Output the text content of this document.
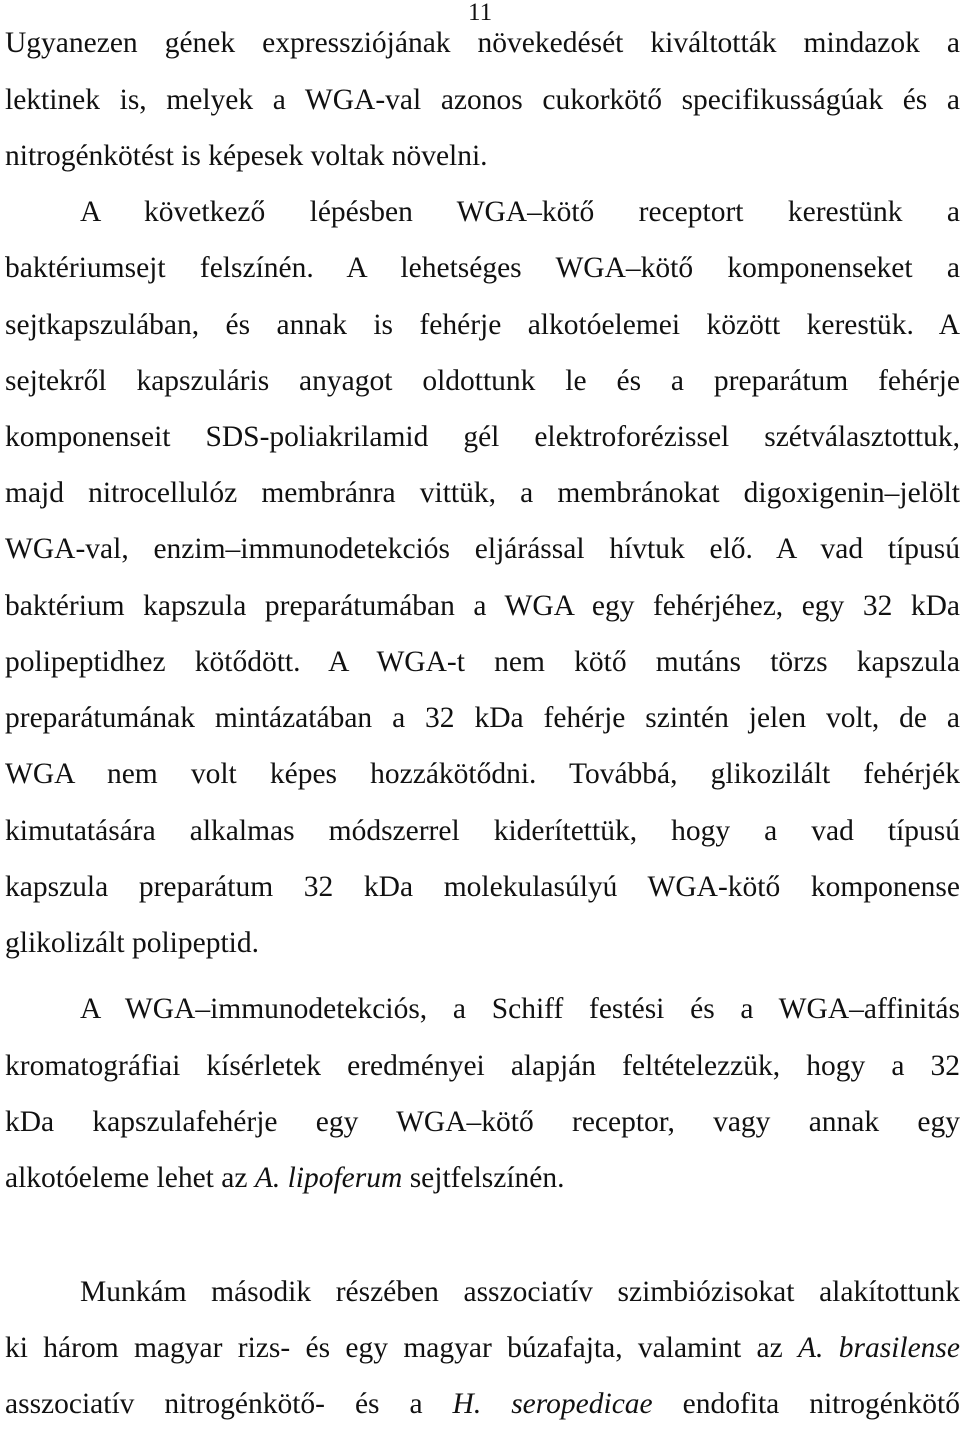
11
Ugyanezen gének expressziójának növekedését kiváltották mindazok a
lektinek is, melyek a WGA-val azonos cukorkötő specifikusságúak és a
nitrogénkötést is képesek voltak növelni.
A következő lépésben WGA–kötő receptort kerestünk a
baktériumsejt felszínén. A lehetséges WGA–kötő komponenseket a
sejtkapszulában, és annak is fehérje alkotóelemei között kerestük. A
sejtekről kapszuláris anyagot oldottunk le és a preparátum fehérje
komponenseit SDS-poliakrilamid gél elektroforézissel szétválasztottuk,
majd nitrocellulóz membránra vittük, a membránokat digoxigenin–jelölt
WGA-val, enzim–immunodetekciós eljárással hívtuk elő. A vad típusú
baktérium kapszula preparátumában a WGA egy fehérjéhez, egy 32 kDa
polipeptidhez kötődött. A WGA-t nem kötő mutáns törzs kapszula
preparátumának mintázatában a 32 kDa fehérje szintén jelen volt, de a
WGA nem volt képes hozzákötődni. Továbbá, glikozilált fehérjék
kimutatására alkalmas módszerrel kiderítettük, hogy a vad típusú
kapszula preparátum 32 kDa molekulasúlyú WGA-kötő komponense
glikolizált polipeptid.
A WGA–immunodetekciós, a Schiff festési és a WGA–affinitás
kromatográfiai kísérletek eredményei alapján feltételezzük, hogy a 32
kDa kapszulafehérje egy WGA–kötő receptor, vagy annak egy
alkotóeleme lehet az A. lipoferum sejtfelszínén.
Munkám második részében asszociatív szimbiózisokat alakítottunk
ki három magyar rizs- és egy magyar búzafajta, valamint az A. brasilense
asszociatív nitrogénkötő- és a H. seropedicae endofita nitrogénkötő
